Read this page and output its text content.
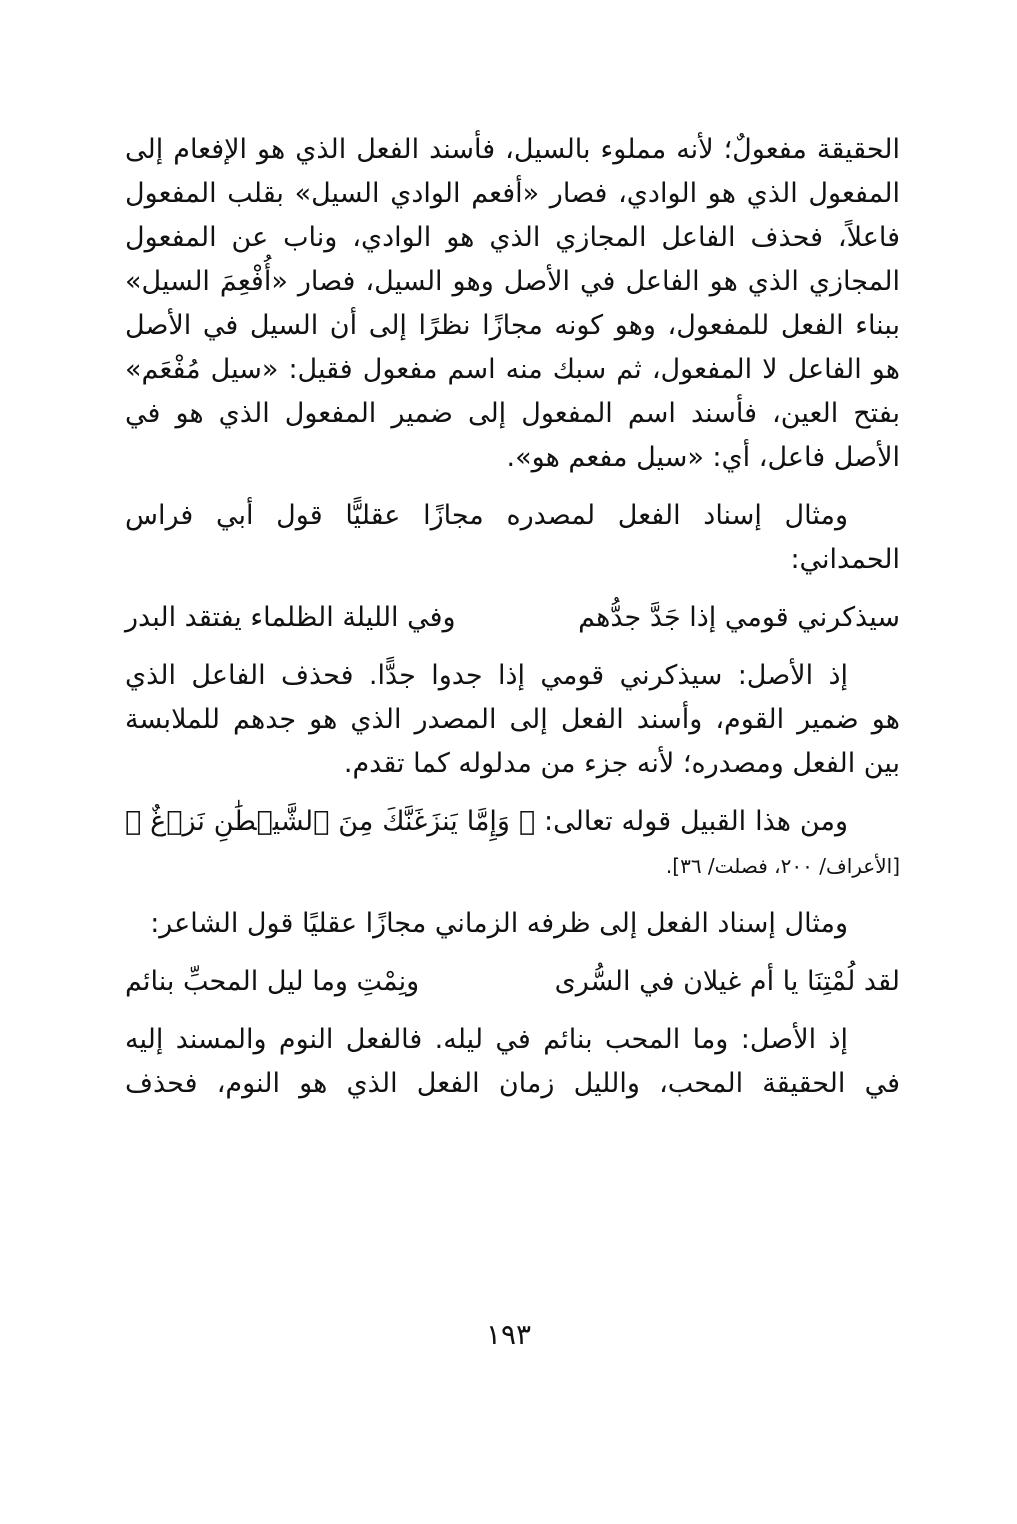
الحقيقة مفعولٌ؛ لأنه مملوء بالسيل، فأسند الفعل الذي هو الإفعام إلى
المفعول الذي هو الوادي، فصار «أفعم الوادي السيل» بقلب المفعول
فاعلاً، فحذف الفاعل المجازي الذي هو الوادي، وناب عن المفعول
المجازي الذي هو الفاعل في الأصل وهو السيل، فصار «أُفْعِمَ السيل»
ببناء الفعل للمفعول، وهو كونه مجازًا نظرًا إلى أن السيل في الأصل
هو الفاعل لا المفعول، ثم سبك منه اسم مفعول فقيل: «سيل مُفْعَم»
بفتح العين، فأسند اسم المفعول إلى ضمير المفعول الذي هو في
الأصل فاعل، أي: «سيل مفعم هو».
ومثال إسناد الفعل لمصدره مجازًا عقليًّا قول أبي فراس
الحمداني:
سيذكرني قومي إذا جَدَّ جدُّهم
وفي الليلة الظلماء يفتقد البدر
إذ الأصل: سيذكرني قومي إذا جدوا جدًّا. فحذف الفاعل الذي
هو ضمير القوم، وأسند الفعل إلى المصدر الذي هو جدهم للملابسة
بين الفعل ومصدره؛ لأنه جزء من مدلوله كما تقدم.
ومن هذا القبيل قوله تعالى: ﴿ وَإِمَّا يَنزَغَنَّكَ مِنَ ٱلشَّيۡطَٰنِ نَزۡغٌ ﴾
[الأعراف/ ٢٠٠، فصلت/ ٣٦].
ومثال إسناد الفعل إلى ظرفه الزماني مجازًا عقليًا قول الشاعر:
لقد لُمْتِنَا يا أم غيلان في السُّرى
ونِمْتِ وما ليل المحبِّ بنائم
إذ الأصل: وما المحب بنائم في ليله. فالفعل النوم والمسند إليه
في الحقيقة المحب، والليل زمان الفعل الذي هو النوم، فحذف
١٩٣
